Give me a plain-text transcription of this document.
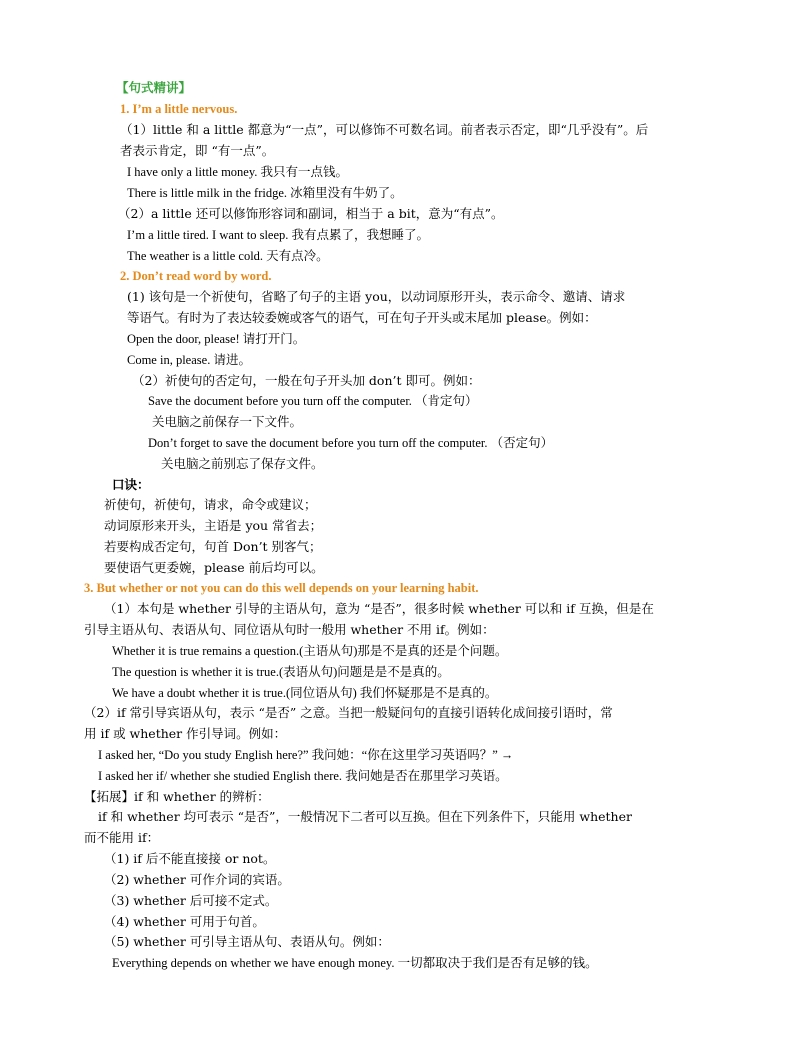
【句式精讲】
1. I’m a little nervous.
（1）little 和 a little 都意为“一点”，可以修饰不可数名词。前者表示否定，即“几乎没有”。后
者表示肯定，即 “有一点”。
I have only a little money. 我只有一点钱。
There is little milk in the fridge. 冰箱里没有牛奶了。
（2）a little 还可以修饰形容词和副词，相当于 a bit，意为“有点”。
I’m a little tired. I want to sleep. 我有点累了，我想睡了。
The weather is a little cold. 天有点冷。
2. Don’t read word by word.
(1) 该句是一个祈使句，省略了句子的主语 you，以动词原形开头，表示命令、邀请、请求
等语气。有时为了表达较委婉或客气的语气，可在句子开头或末尾加 please。例如：
Open the door, please! 请打开门。
Come in, please. 请进。
（2）祈使句的否定句，一般在句子开头加 don’t 即可。例如：
Save the document before you turn off the computer. （肯定句）
关电脑之前保存一下文件。
Don’t forget to save the document before you turn off the computer. （否定句）
关电脑之前别忘了保存文件。
口诀：
祈使句，祈使句，请求，命令或建议；
动词原形来开头，主语是 you 常省去；
若要构成否定句，句首 Don’t 别客气；
要使语气更委婉，please 前后均可以。
3. But whether or not you can do this well depends on your learning habit.
（1）本句是 whether 引导的主语从句，意为 “是否”，很多时候 whether 可以和 if 互换，但是在
引导主语从句、表语从句、同位语从句时一般用 whether 不用 if。例如：
Whether it is true remains a question.(主语从句)那是不是真的还是个问题。
The question is whether it is true.(表语从句)问题是是不是真的。
We have a doubt whether it is true.(同位语从句) 我们怀疑那是不是真的。
（2）if 常引导宾语从句，表示 “是否” 之意。当把一般疑问句的直接引语转化成间接引语时，常
用 if 或 whether 作引导词。例如：
I asked her, “Do you study English here?” 我问她：“你在这里学习英语吗？” →
I asked her if/ whether she studied English there. 我问她是否在那里学习英语。
【拓展】if 和 whether 的辨析：
if 和 whether 均可表示 “是否”，一般情况下二者可以互换。但在下列条件下，只能用 whether
而不能用 if：
（1) if 后不能直接接 or not。
（2) whether 可作介词的宾语。
（3) whether 后可接不定式。
（4) whether 可用于句首。
（5) whether 可引导主语从句、表语从句。例如：
Everything depends on whether we have enough money. 一切都取决于我们是否有足够的钱。
